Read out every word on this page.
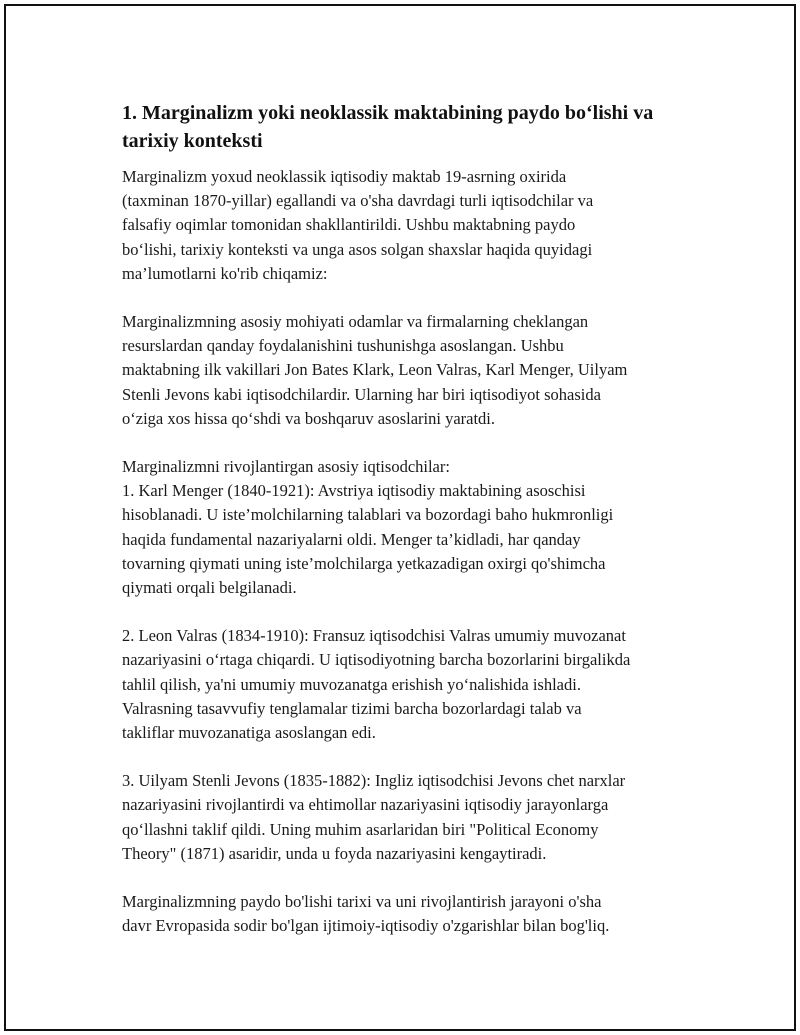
1. Marginalizm yoki neoklassik maktabining paydo bo‘lishi va
tarixiy konteksti

Marginalizm yoxud neoklassik iqtisodiy maktab 19-asrning oxirida
(taxminan 1870-yillar) egallandi va o'sha davrdagi turli iqtisodchilar va
falsafiy oqimlar tomonidan shakllantirildi. Ushbu maktabning paydo
bo‘lishi, tarixiy konteksti va unga asos solgan shaxslar haqida quyidagi
ma’lumotlarni ko'rib chiqamiz:

Marginalizmning asosiy mohiyati odamlar va firmalarning cheklangan
resurslardan qanday foydalanishini tushunishga asoslangan. Ushbu
maktabning ilk vakillari Jon Bates Klark, Leon Valras, Karl Menger, Uilyam
Stenli Jevons kabi iqtisodchilardir. Ularning har biri iqtisodiyot sohasida
o‘ziga xos hissa qo‘shdi va boshqaruv asoslarini yaratdi.

Marginalizmni rivojlantirgan asosiy iqtisodchilar:
1. Karl Menger (1840-1921): Avstriya iqtisodiy maktabining asoschisi
hisoblanadi. U iste’molchilarning talablari va bozordagi baho hukmronligi
haqida fundamental nazariyalarni oldi. Menger ta’kidladi, har qanday
tovarning qiymati uning iste’molchilarga yetkazadigan oxirgi qo'shimcha
qiymati orqali belgilanadi.

2. Leon Valras (1834-1910): Fransuz iqtisodchisi Valras umumiy muvozanat
nazariyasini o‘rtaga chiqardi. U iqtisodiyotning barcha bozorlarini birgalikda
tahlil qilish, ya'ni umumiy muvozanatga erishish yo‘nalishida ishladi.
Valrasning tasavvufiy tenglamalar tizimi barcha bozorlardagi talab va
takliflar muvozanatiga asoslangan edi.

3. Uilyam Stenli Jevons (1835-1882): Ingliz iqtisodchisi Jevons chet narxlar
nazariyasini rivojlantirdi va ehtimollar nazariyasini iqtisodiy jarayonlarga
qo‘llashni taklif qildi. Uning muhim asarlaridan biri "Political Economy
Theory" (1871) asaridir, unda u foyda nazariyasini kengaytiradi.

Marginalizmning paydo bo'lishi tarixi va uni rivojlantirish jarayoni o'sha
davr Evropasida sodir bo'lgan ijtimoiy-iqtisodiy o'zgarishlar bilan bog'liq.
